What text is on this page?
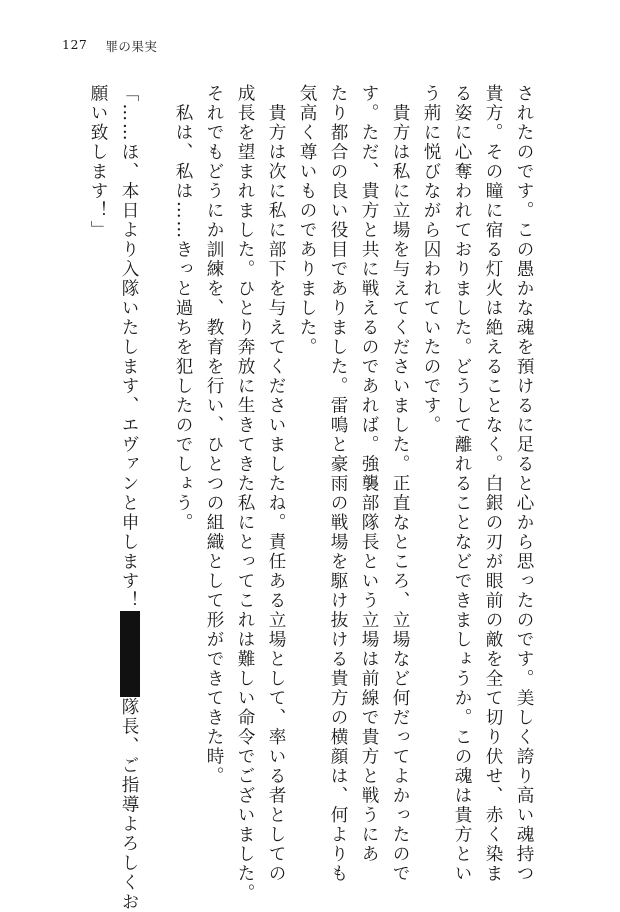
127 罪の果実
されたのです。この愚かな魂を預けるに足ると心から思ったのです。美しく誇り高い魂持つ
貴方。その瞳に宿る灯火は絶えることなく。白銀の刃が眼前の敵を全て切り伏せ、赤く染ま
る姿に心奪われておりました。どうして離れることなどできましょうか。この魂は貴方とい
う荊に悦びながら囚われていたのです。
　貴方は私に立場を与えてくださいました。正直なところ、立場など何だってよかったので
す。ただ、貴方と共に戦えるのであれば。強襲部隊長という立場は前線で貴方と戦うにあ
たり都合の良い役目でありました。雷鳴と豪雨の戦場を駆け抜ける貴方の横顔は、何よりも
気高く尊いものでありました。
　貴方は次に私に部下を与えてくださいましたね。責任ある立場として、率いる者としての
成長を望まれました。ひとり奔放に生きてきた私にとってこれは難しい命令でございました。
それでもどうにか訓練を、教育を行い、ひとつの組織として形ができてきた時。
　私は、私は……きっと過ちを犯したのでしょう。
「……ほ、本日より入隊いたします、エヴァンと申します！隊長、ご指導よろしくお
願い致します！」
